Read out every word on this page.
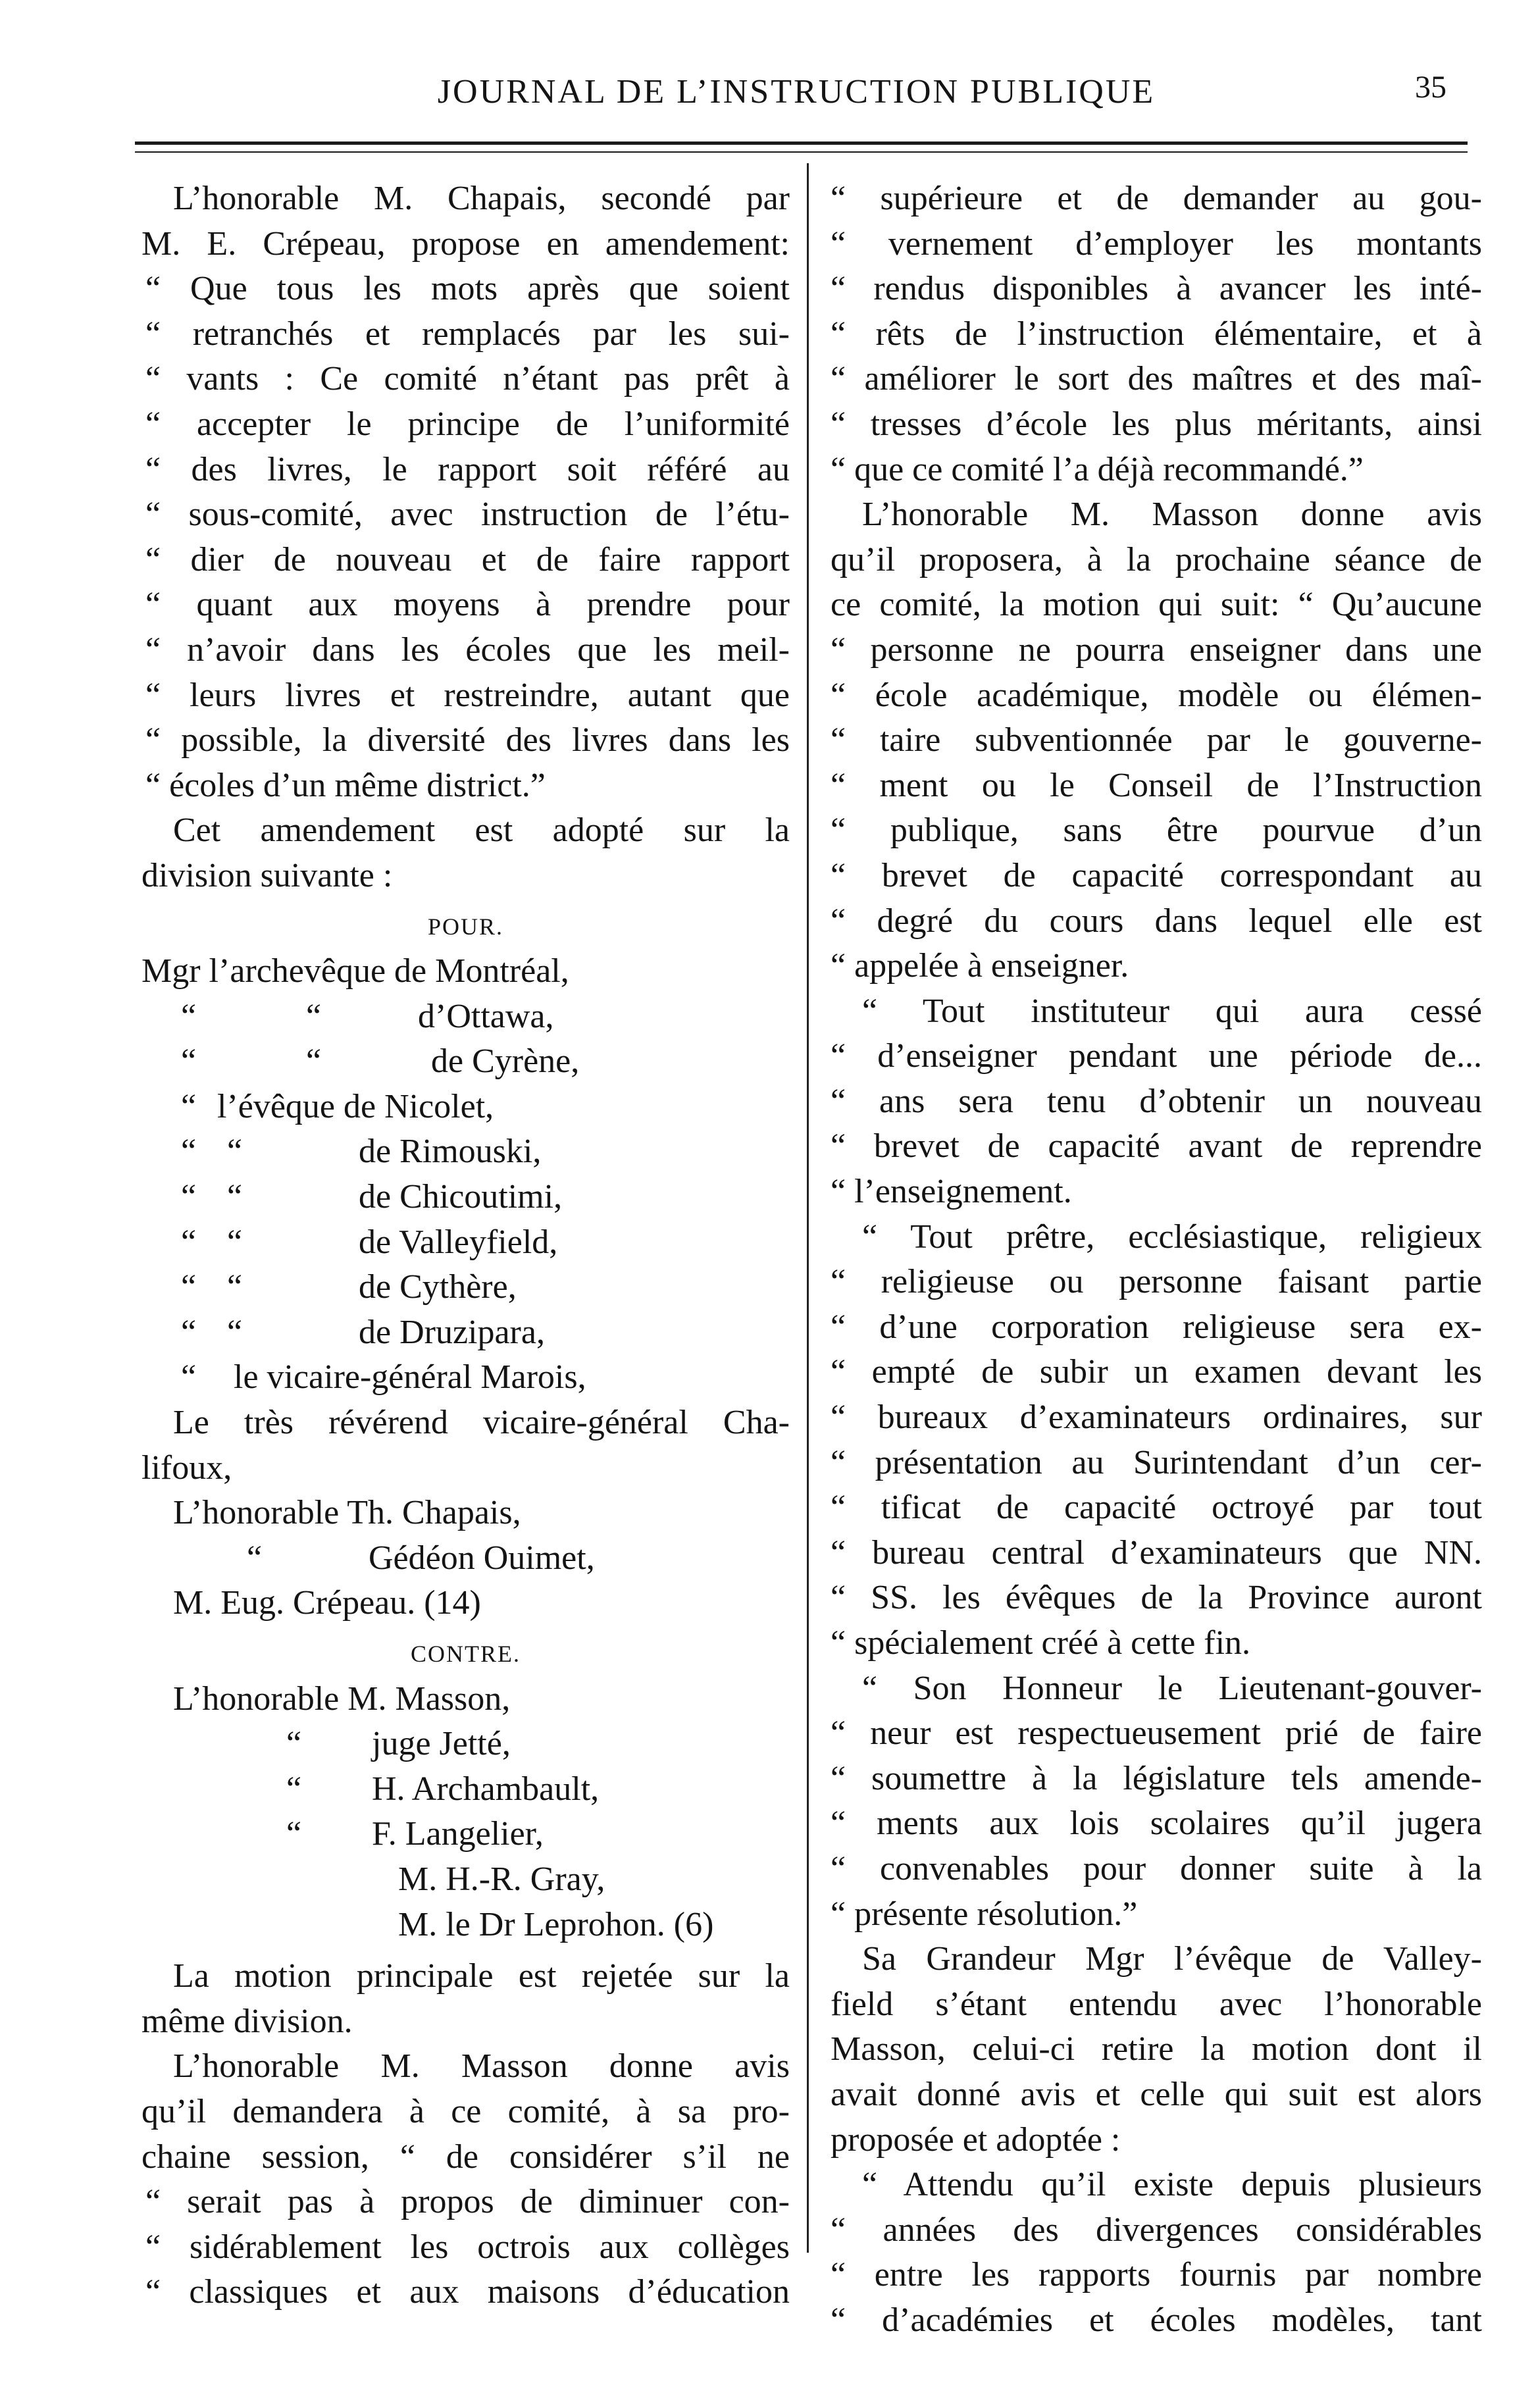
JOURNAL DE L’INSTRUCTION PUBLIQUE	35
L’honorable M. Chapais, secondé par
M. E. Crépeau, propose en amendement:
“ Que tous les mots après que soient
“ retranchés et remplacés par les sui-
“ vants : Ce comité n’étant pas prêt à
“ accepter le principe de l’uniformité
“ des livres, le rapport soit référé au
“ sous-comité, avec instruction de l’étu-
“ dier de nouveau et de faire rapport
“ quant aux moyens à prendre pour
“ n’avoir dans les écoles que les meil-
“ leurs livres et restreindre, autant que
“ possible, la diversité des livres dans les
“ écoles d’un même district.”
Cet amendement est adopté sur la
division suivante :
POUR.
Mgr l’archevêque de Montréal,

“	“	d’Ottawa,

“	“	de Cyrène,

“ l’évêque de Nicolet,

“ “	de Rimouski,

“ “	de Chicoutimi,

“ “	de Valleyfield,

“ “	de Cythère,

“ “	de Druzipara,

“ le vicaire-général Marois,
Le très révérend vicaire-général Cha-
lifoux,
L’honorable Th. Chapais,

“	Gédéon Ouimet,
M. Eug. Crépeau. (14)
CONTRE.
L’honorable M. Masson,

“ juge Jetté,

“ H. Archambault,

“ F. Langelier,
M. H.-R. Gray,
M. le Dr Leprohon. (6)
La motion principale est rejetée sur la
même division.
L’honorable M. Masson donne avis
qu’il demandera à ce comité, à sa pro-
chaine session, “ de considérer s’il ne
“ serait pas à propos de diminuer con-
“ sidérablement les octrois aux collèges
“ classiques et aux maisons d’éducation
“ supérieure et de demander au gou-
“ vernement d’employer les montants
“ rendus disponibles à avancer les inté-
“ rêts de l’instruction élémentaire, et à
“ améliorer le sort des maîtres et des maî-
“ tresses d’école les plus méritants, ainsi
“ que ce comité l’a déjà recommandé.”
L’honorable M. Masson donne avis
qu’il proposera, à la prochaine séance de
ce comité, la motion qui suit: “ Qu’aucune
“ personne ne pourra enseigner dans une
“ école académique, modèle ou élémen-
“ taire subventionnée par le gouverne-
“ ment ou le Conseil de l’Instruction
“ publique, sans être pourvue d’un
“ brevet de capacité correspondant au
“ degré du cours dans lequel elle est
“ appelée à enseigner.
“ Tout instituteur qui aura cessé
“ d’enseigner pendant une période de...
“ ans sera tenu d’obtenir un nouveau
“ brevet de capacité avant de reprendre
“ l’enseignement.
“ Tout prêtre, ecclésiastique, religieux
“ religieuse ou personne faisant partie
“ d’une corporation religieuse sera ex-
“ empté de subir un examen devant les
“ bureaux d’examinateurs ordinaires, sur
“ présentation au Surintendant d’un cer-
“ tificat de capacité octroyé par tout
“ bureau central d’examinateurs que NN.
“ SS. les évêques de la Province auront
“ spécialement créé à cette fin.
“ Son Honneur le Lieutenant-gouver-
“ neur est respectueusement prié de faire
“ soumettre à la législature tels amende-
“ ments aux lois scolaires qu’il jugera
“ convenables pour donner suite à la
“ présente résolution.”
Sa Grandeur Mgr l’évêque de Valley-
field s’étant entendu avec l’honorable
Masson, celui-ci retire la motion dont il
avait donné avis et celle qui suit est alors
proposée et adoptée :
“ Attendu qu’il existe depuis plusieurs
“ années des divergences considérables
“ entre les rapports fournis par nombre
“ d’académies et écoles modèles, tant
